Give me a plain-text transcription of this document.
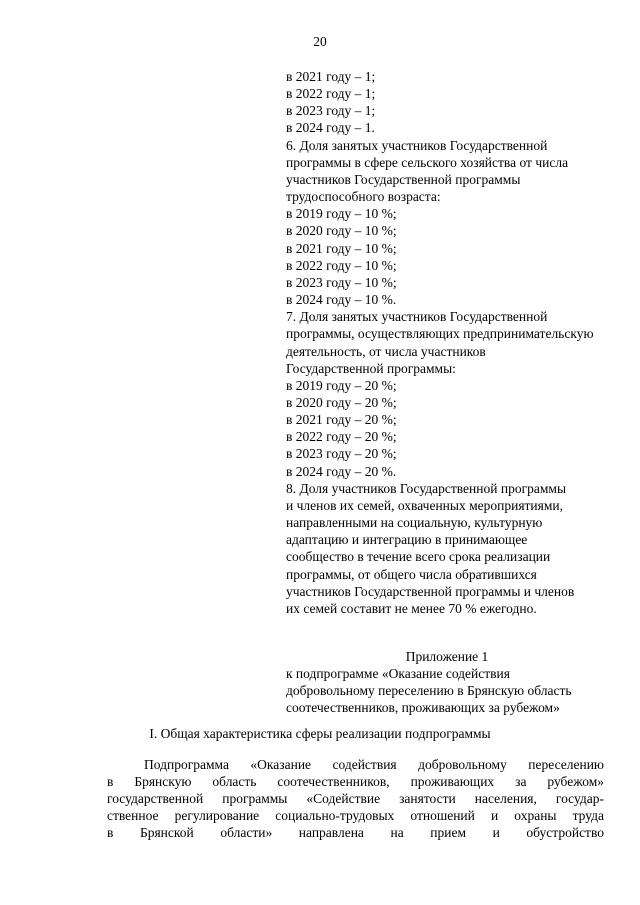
20
в 2021 году – 1;
в 2022 году – 1;
в 2023 году – 1;
в 2024 году – 1.
6. Доля занятых участников Государственной
программы в сфере сельского хозяйства от числа
участников Государственной программы
трудоспособного возраста:
в 2019 году – 10 %;
в 2020 году – 10 %;
в 2021 году – 10 %;
в 2022 году – 10 %;
в 2023 году – 10 %;
в 2024 году – 10 %.
7. Доля занятых участников Государственной
программы, осуществляющих предпринимательскую деятельность, от числа участников
Государственной программы:
в 2019 году – 20 %;
в 2020 году – 20 %;
в 2021 году – 20 %;
в 2022 году – 20 %;
в 2023 году – 20 %;
в 2024 году – 20 %.
8. Доля участников Государственной программы
и членов их семей, охваченных мероприятиями,
направленными на социальную, культурную
адаптацию и интеграцию в принимающее
сообщество в течение всего срока реализации
программы, от общего числа обратившихся
участников Государственной программы и членов
их семей составит не менее 70 % ежегодно.
Приложение 1
к подпрограмме «Оказание содействия
добровольному переселению в Брянскую область
соотечественников, проживающих за рубежом»
I. Общая характеристика сферы реализации подпрограммы
Подпрограмма «Оказание содействия добровольному переселению
в Брянскую область соотечественников, проживающих за рубежом»
государственной программы «Содействие занятости населения, государ-
ственное регулирование социально-трудовых отношений и охраны труда
в Брянской области» направлена на прием и обустройство
